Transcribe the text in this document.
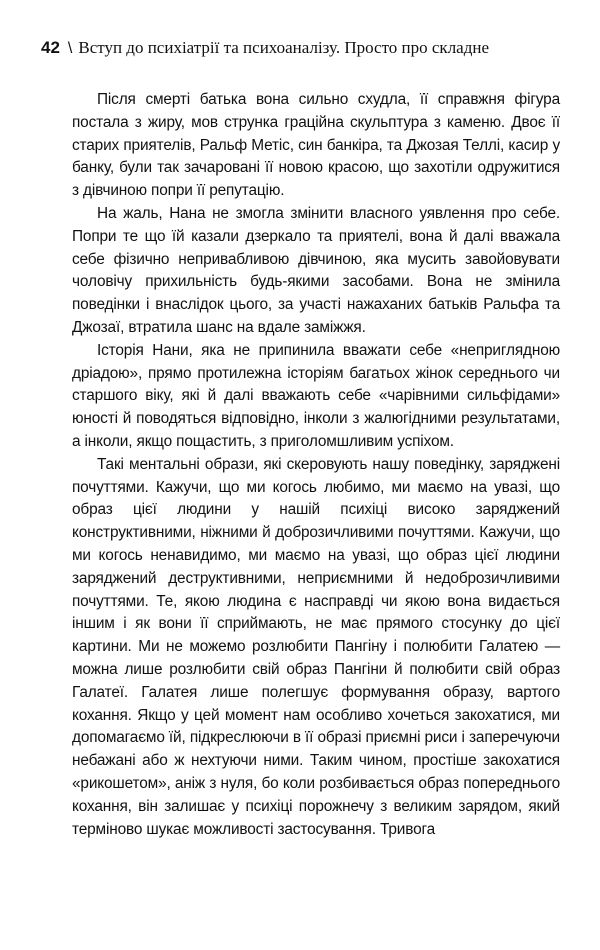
42 \ Вступ до психіатрії та психоаналізу. Просто про складне

Після смерті батька вона сильно схудла, її справжня фігура постала з жиру, мов струнка граційна скульптура з каменю. Двоє її старих приятелів, Ральф Метіс, син банкіра, та Джозая Теллі, касир у банку, були так зачаровані її новою красою, що захотіли одружитися з дівчиною попри її репутацію.

На жаль, Нана не змогла змінити власного уявлення про себе. Попри те що їй казали дзеркало та приятелі, вона й далі вважала себе фізично непривабливою дівчиною, яка мусить завойовувати чоловічу прихильність будь-якими засобами. Вона не змінила поведінки і внаслідок цього, за участі нажаханих батьків Ральфа та Джозаї, втратила шанс на вдале заміжжя.

Історія Нани, яка не припинила вважати себе «неприглядною дріадою», прямо протилежна історіям багатьох жінок середнього чи старшого віку, які й далі вважають себе «чарівними сильфідами» юності й поводяться відповідно, інколи з жалюгідними результатами, а інколи, якщо пощастить, з приголомшливим успіхом.

Такі ментальні образи, які скеровують нашу поведінку, заряджені почуттями. Кажучи, що ми когось любимо, ми маємо на увазі, що образ цієї людини у нашій психіці високо заряджений конструктивними, ніжними й доброзичливими почуттями. Кажучи, що ми когось ненавидимо, ми маємо на увазі, що образ цієї людини заряджений деструктивними, неприємними й недоброзичливими почуттями. Те, якою людина є насправді чи якою вона видається іншим і як вони її сприймають, не має прямого стосунку до цієї картини. Ми не можемо розлюбити Пангіну і полюбити Галатею — можна лише розлюбити свій образ Пангіни й полюбити свій образ Галатеї. Галатея лише полегшує формування образу, вартого кохання. Якщо у цей момент нам особливо хочеться закохатися, ми допомагаємо їй, підкреслюючи в її образі приємні риси і заперечуючи небажані або ж нехтуючи ними. Таким чином, простіше закохатися «рикошетом», аніж з нуля, бо коли розбивається образ попереднього кохання, він залишає у психіці порожнечу з великим зарядом, який терміново шукає можливості застосування. Тривога
